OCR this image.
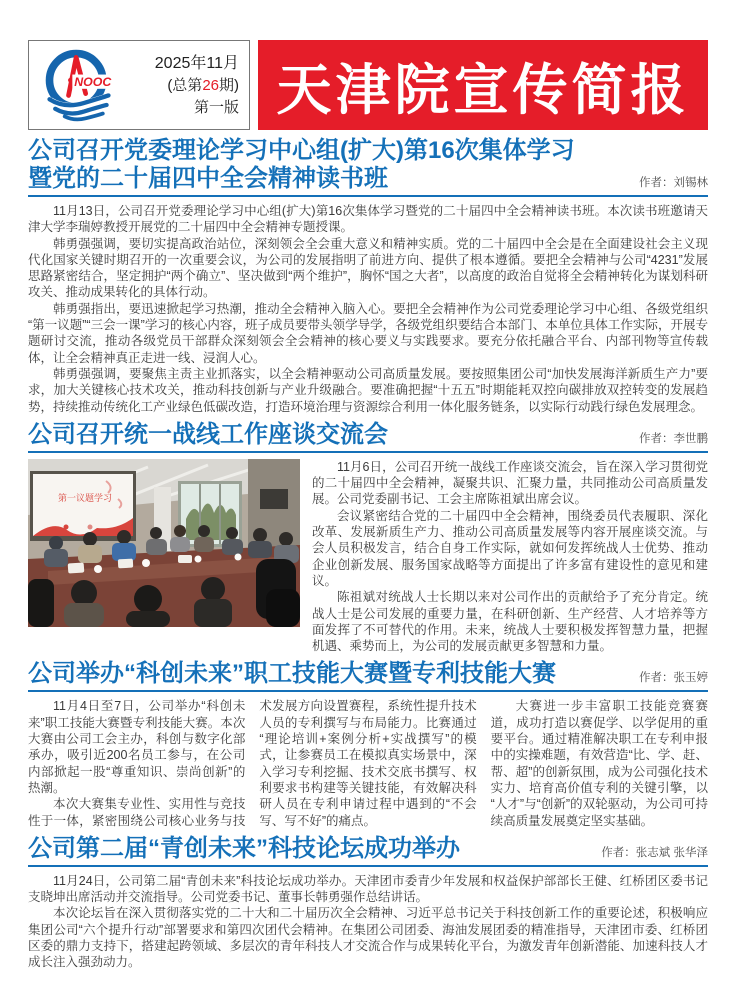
NOOC
2025年11月
(总第26期)
第一版 天津院宣传简报
公司召开党委理论学习中心组(扩大)第16次集体学习
暨党的二十届四中全会精神读书班	作者：刘锡林

11月13日，公司召开党委理论学习中心组(扩大)第16次集体学习暨党的二十届四中全会精神读书班。本次读书班邀请天津大学李瑞婷教授开展党的二十届四中全会精神专题授课。

韩勇强强调，要切实提高政治站位，深刻领会全会重大意义和精神实质。党的二十届四中全会是在全面建设社会主义现代化国家关键时期召开的一次重要会议，为公司的发展指明了前进方向、提供了根本遵循。要把全会精神与公司“4231”发展思路紧密结合，坚定拥护“两个确立”、坚决做到“两个维护”，胸怀“国之大者”，以高度的政治自觉将全会精神转化为谋划科研攻关、推动成果转化的具体行动。

韩勇强指出，要迅速掀起学习热潮，推动全会精神入脑入心。要把全会精神作为公司党委理论学习中心组、各级党组织“第一议题”“三会一课”学习的核心内容，班子成员要带头领学导学，各级党组织要结合本部门、本单位具体工作实际，开展专题研讨交流，推动各级党员干部群众深刻领会全会精神的核心要义与实践要求。要充分依托融合平台、内部刊物等宣传载体，让全会精神真正走进一线、浸润人心。

韩勇强强调，要聚焦主责主业抓落实，以全会精神驱动公司高质量发展。要按照集团公司“加快发展海洋新质生产力”要求，加大关键核心技术攻关，推动科技创新与产业升级融合。要准确把握“十五五”时期能耗双控向碳排放双控转变的发展趋势，持续推动传统化工产业绿色低碳改造，打造环境治理与资源综合利用一体化服务链条，以实际行动践行绿色发展理念。

公司召开统一战线工作座谈交流会	作者：李世鹏
第一议题学习

11月6日，公司召开统一战线工作座谈交流会，旨在深入学习贯彻党的二十届四中全会精神，凝聚共识、汇聚力量，共同推动公司高质量发展。公司党委副书记、工会主席陈祖斌出席会议。

会议紧密结合党的二十届四中全会精神，围绕委员代表履职、深化改革、发展新质生产力、推动公司高质量发展等内容开展座谈交流。与会人员积极发言，结合自身工作实际，就如何发挥统战人士优势、推动企业创新发展、服务国家战略等方面提出了许多富有建设性的意见和建议。

陈祖斌对统战人士长期以来对公司作出的贡献给予了充分肯定。统战人士是公司发展的重要力量，在科研创新、生产经营、人才培养等方面发挥了不可替代的作用。未来，统战人士要积极发挥智慧力量，把握机遇、乘势而上，为公司的发展贡献更多智慧和力量。

公司举办“科创未来”职工技能大赛暨专利技能大赛	作者：张玉婷

11月4日至7日，公司举办“科创未来”职工技能大赛暨专利技能大赛。本次大赛由公司工会主办，科创与数字化部承办，吸引近200名员工参与，在公司内部掀起一股“尊重知识、崇尚创新”的热潮。

本次大赛集专业性、实用性与竞技性于一体，紧密围绕公司核心业务与技术发展方向设置赛程，系统性提升技术人员的专利撰写与布局能力。比赛通过“理论培训+案例分析+实战撰写”的模式，让参赛员工在模拟真实场景中，深入学习专利挖掘、技术交底书撰写、权利要求书构建等关键技能，有效解决科研人员在专利申请过程中遇到的“不会写、写不好”的痛点。

大赛进一步丰富职工技能竞赛赛道，成功打造以赛促学、以学促用的重要平台。通过精准解决职工在专利申报中的实操难题，有效营造“比、学、赶、帮、超”的创新氛围，成为公司强化技术实力、培育高价值专利的关键引擎，以“人才”与“创新”的双轮驱动，为公司可持续高质量发展奠定坚实基础。

公司第二届“青创未来”科技论坛成功举办	作者：张志斌 张华泽

11月24日，公司第二届“青创未来”科技论坛成功举办。天津团市委青少年发展和权益保护部部长王健、红桥团区委书记支晓坤出席活动并交流指导。公司党委书记、董事长韩勇强作总结讲话。

本次论坛旨在深入贯彻落实党的二十大和二十届历次全会精神、习近平总书记关于科技创新工作的重要论述，积极响应集团公司“六个提升行动”部署要求和第四次团代会精神。在集团公司团委、海油发展团委的精准指导，天津团市委、红桥团区委的鼎力支持下，搭建起跨领域、多层次的青年科技人才交流合作与成果转化平台，为激发青年创新潜能、加速科技人才成长注入强劲动力。
